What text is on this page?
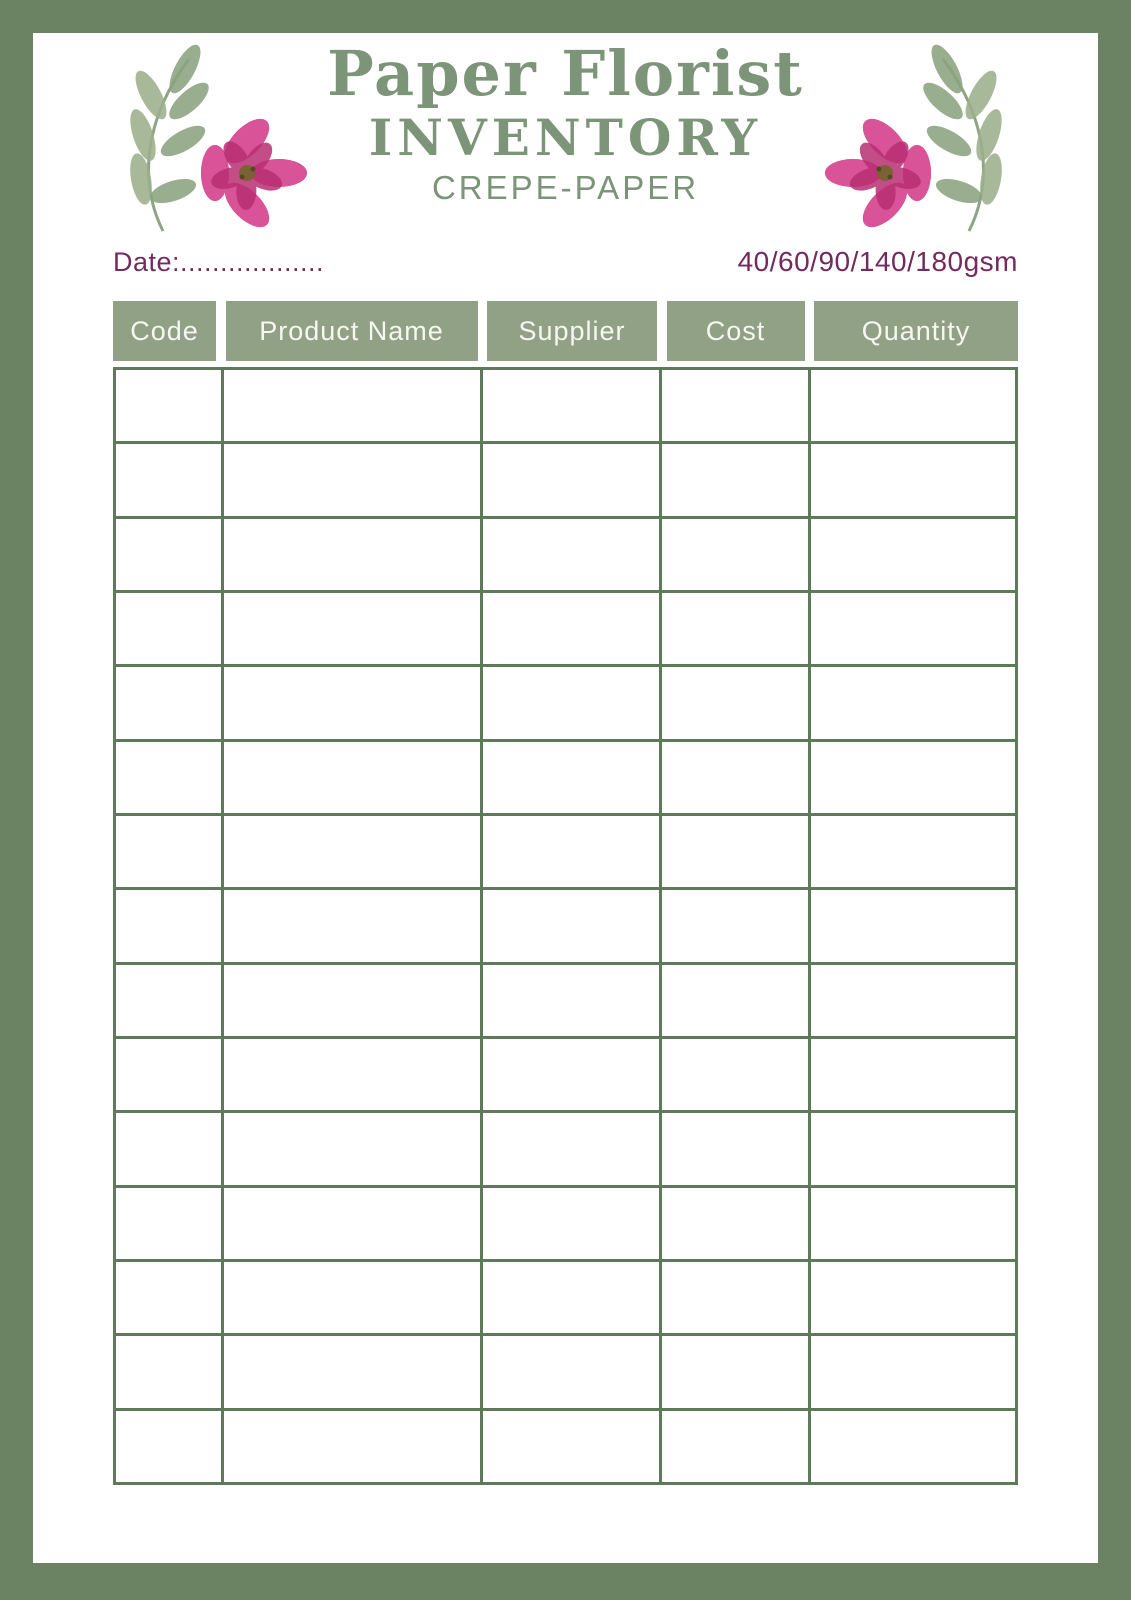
Paper Florist
INVENTORY
CREPE-PAPER
Date:..................	40/60/90/140/180gsm
Code	Product Name	Supplier	Cost	Quantity
